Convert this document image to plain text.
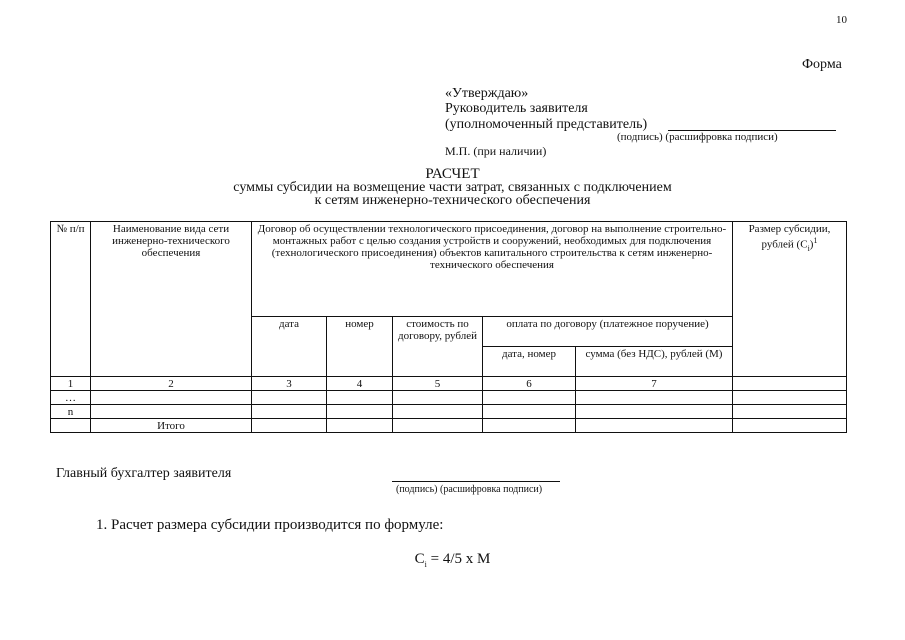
10
Форма
«Утверждаю»
Руководитель заявителя
(уполномоченный представитель)
(подпись) (расшифровка подписи)
М.П. (при наличии)
РАСЧЕТ
суммы субсидии на возмещение части затрат, связанных с подключением
к сетям инженерно-технического обеспечения
№ п/п	Наименование вида сети инженерно-технического обеспечения	Договор об осуществлении технологического присоединения, договор на выполнение строительно-монтажных работ с целью создания устройств и сооружений, необходимых для подключения (технологического присоединения) объектов капитального строительства к сетям инженерно-технического обеспечения					Размер субсидии, рублей $(С_i)^1$
		дата	номер	стоимость по договору, рублей	оплата по договору (платежное поручение)		
					дата, номер	сумма (без НДС), рублей (М)	
1	2	3	4	5	6	7	
…							
n							
	Итого						
Главный бухгалтер заявителя
(подпись) (расшифровка подписи)
1. Расчет размера субсидии производится по формуле:
$C_i = 4/5$ х М
